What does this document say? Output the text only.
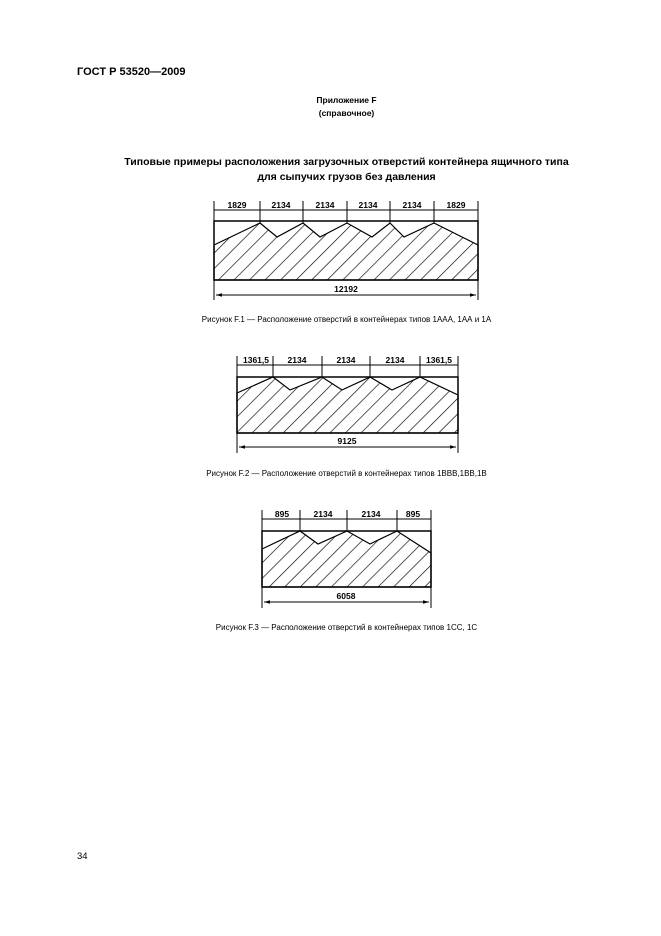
ГОСТ Р 53520—2009
Приложение F
(справочное)
Типовые примеры расположения загрузочных отверстий контейнера ящичного типа
для сыпучих грузов без давления
1829	2134	2134	2134	2134	1829
12192
1361,5 2134	2134	2134	1361,5
9125
895	2134	2134	895
6058
Рисунок F.1 — Расположение отверстий в контейнерах типов 1ААА, 1АА и 1А
Рисунок F.2 — Расположение отверстий в контейнерах типов 1BBB,1BB,1B
Рисунок F.3 — Расположение отверстий в контейнерах типов 1СС, 1С
34
